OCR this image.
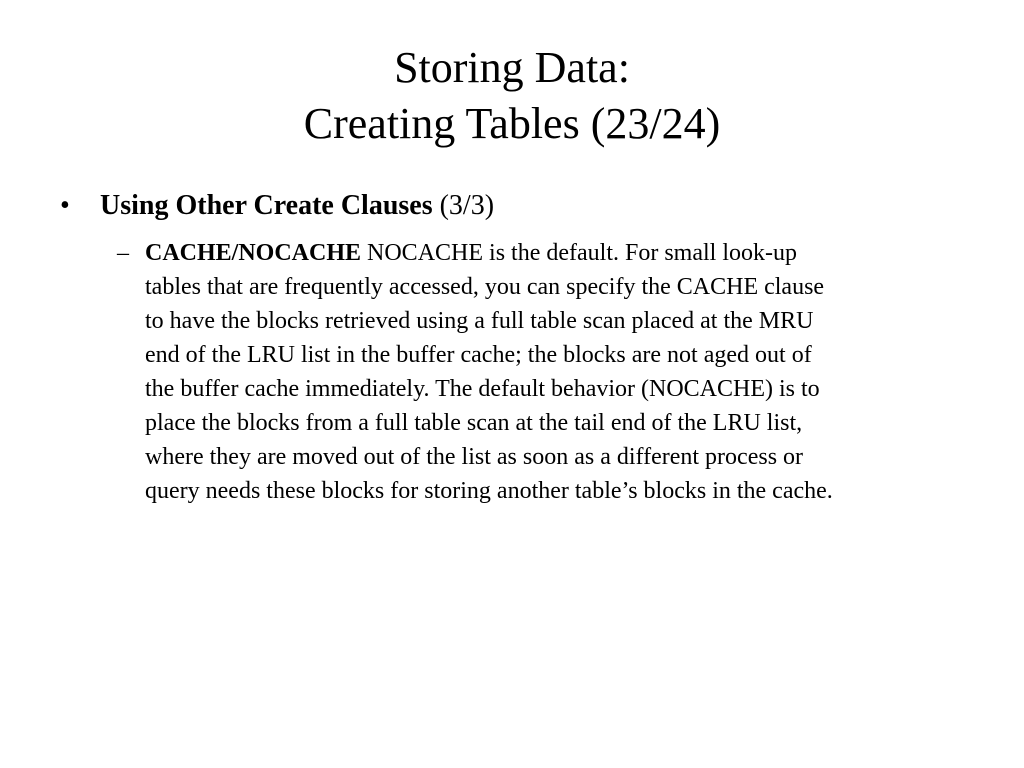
Storing Data:
Creating Tables (23/24)
•	Using Other Create Clauses (3/3)
– CACHE/NOCACHE NOCACHE is the default. For small look-up
tables that are frequently accessed, you can specify the CACHE clause
to have the blocks retrieved using a full table scan placed at the MRU
end of the LRU list in the buffer cache; the blocks are not aged out of
the buffer cache immediately. The default behavior (NOCACHE) is to
place the blocks from a full table scan at the tail end of the LRU list,
where they are moved out of the list as soon as a different process or
query needs these blocks for storing another table’s blocks in the cache.
